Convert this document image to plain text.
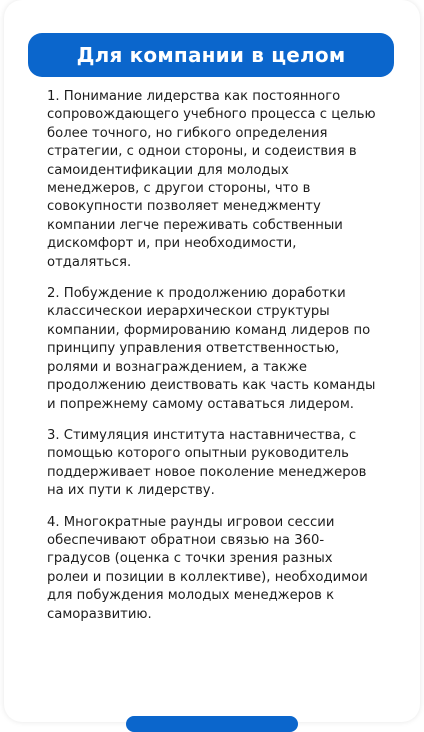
Для компании в целом

1. Понимание лидерства как постоянного сопровождающего учебного процесса с целью более точного, но гибкого определения стратегии, с однои стороны, и содеиствия в самоидентификации для молодых менеджеров, с другои стороны, что в совокупности позволяет менеджменту компании легче переживать собственныи дискомфорт и, при необходимости, отдаляться.

2. Побуждение к продолжению доработки классическои иерархическои структуры компании, формированию команд лидеров по принципу управления ответственностью, ролями и вознаграждением, а также продолжению деиствовать как часть команды и попрежнему самому оставаться лидером.

3. Стимуляция института наставничества, с помощью которого опытныи руководитель поддерживает новое поколение менеджеров на их пути к лидерству.

4. Многократные раунды игровои сессии обеспечивают обратнои связью на 360-градусов (оценка с точки зрения разных ролеи и позиции в коллективе), необходимои для побуждения молодых менеджеров к саморазвитию.
